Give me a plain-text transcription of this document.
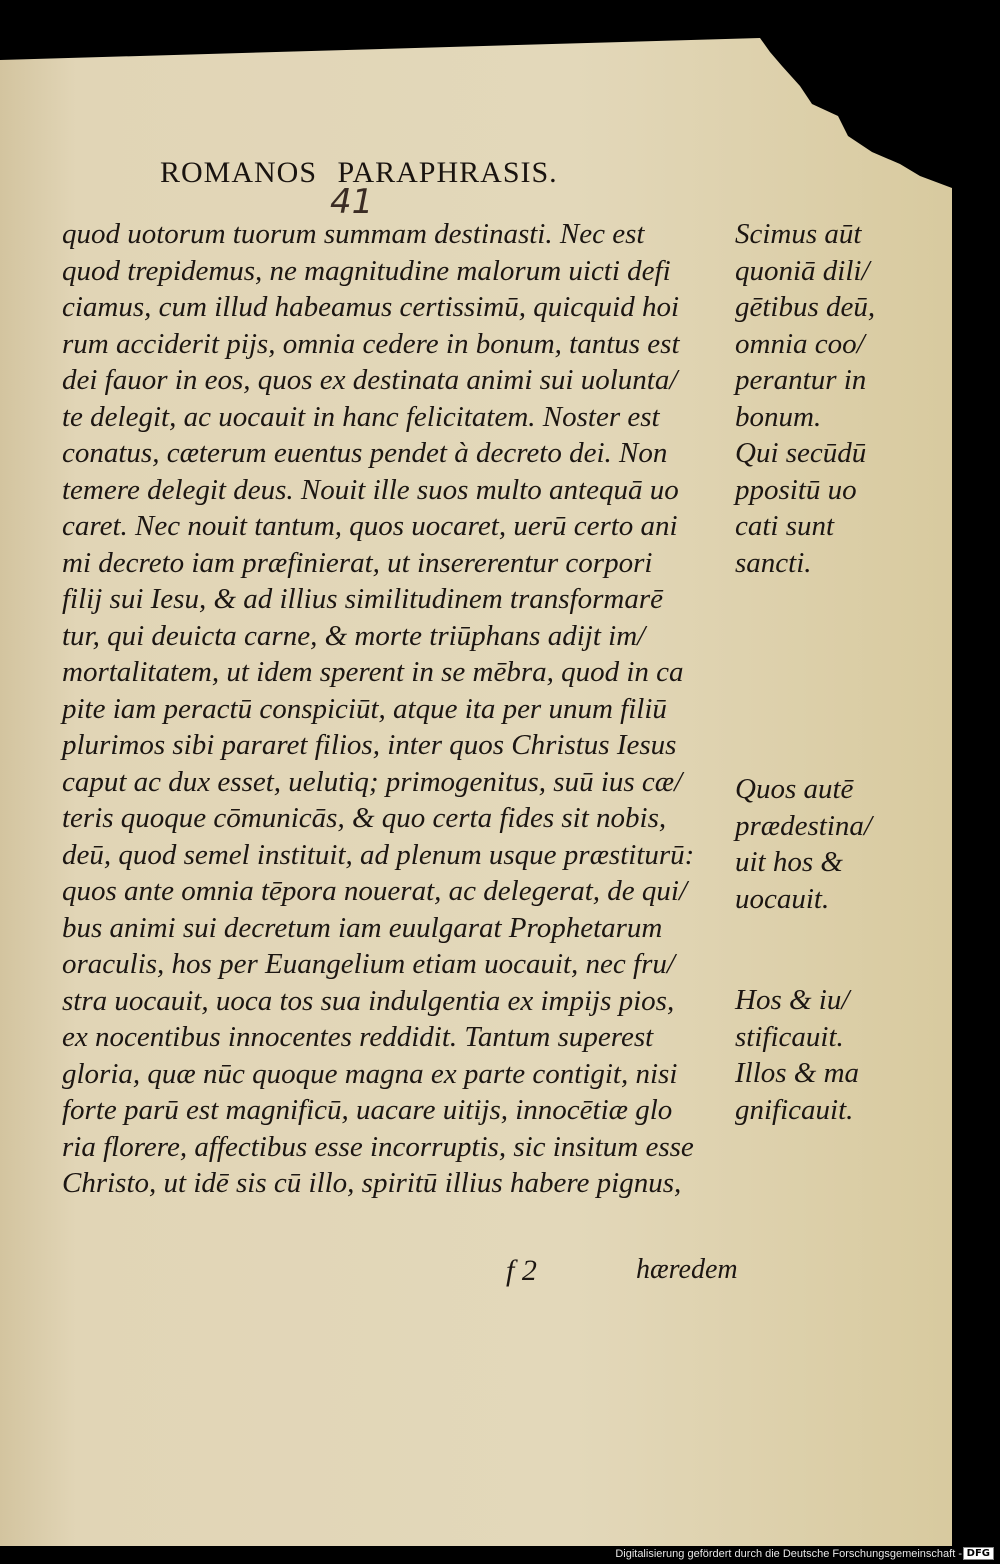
ROMANOS PARAPHRASIS.
41
quod uotorum tuorum summam destinasti. Nec est
quod trepidemus, ne magnitudine malorum uicti defi
ciamus, cum illud habeamus certissimū, quicquid hoi
rum acciderit pijs, omnia cedere in bonum, tantus est
dei fauor in eos, quos ex destinata animi sui uolunta/
te delegit, ac uocauit in hanc felicitatem. Noster est
conatus, cæterum euentus pendet à decreto dei. Non
temere delegit deus. Nouit ille suos multo antequā uo
caret. Nec nouit tantum, quos uocaret, uerū certo ani
mi decreto iam præfinierat, ut insererentur corpori
filij sui Iesu, & ad illius similitudinem transformarē
tur, qui deuicta carne, & morte triūphans adijt im/
mortalitatem, ut idem sperent in se mēbra, quod in ca
pite iam peractū conspiciūt, atque ita per unum filiū
plurimos sibi pararet filios, inter quos Christus Iesus
caput ac dux esset, uelutiq; primogenitus, suū ius cæ/
teris quoque cōmunicās, & quo certa fides sit nobis,
deū, quod semel instituit, ad plenum usque præstiturū:
quos ante omnia tēpora nouerat, ac delegerat, de qui/
bus animi sui decretum iam euulgarat Prophetarum
oraculis, hos per Euangelium etiam uocauit, nec fru/
stra uocauit, uoca tos sua indulgentia ex impijs pios,
ex nocentibus innocentes reddidit. Tantum superest
gloria, quæ nūc quoque magna ex parte contigit, nisi
forte parū est magnificū, uacare uitijs, innocētiæ glo
ria florere, affectibus esse incorruptis, sic insitum esse
Christo, ut idē sis cū illo, spiritū illius habere pignus,
Scimus aūt
quoniā dili/
gētibus deū,
omnia coo/
perantur in
bonum.
Qui secūdū
ppositū uo
cati sunt
sancti.
Quos autē
prædestina/
uit hos &
uocauit.
Hos & iu/
stificauit.
Illos & ma
gnificauit.
f 2	hæredem
Digitalisierung gefördert durch die Deutsche Forschungsgemeinschaft - DFG
